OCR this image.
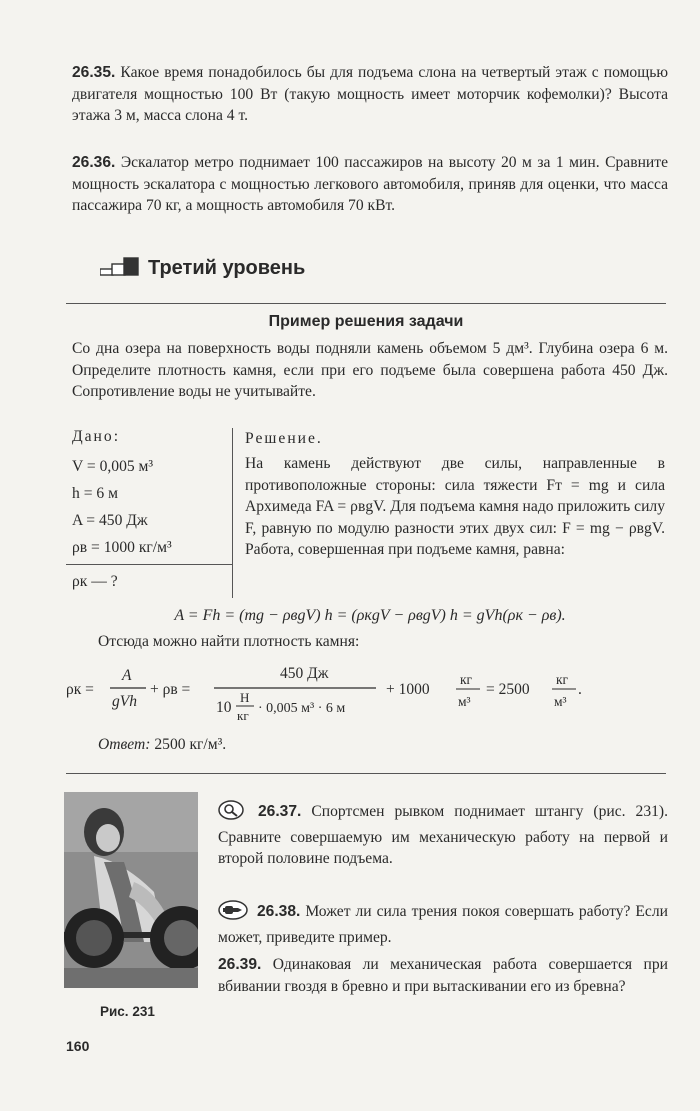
26.35. Какое время понадобилось бы для подъема слона на четвертый этаж с помощью двигателя мощностью 100 Вт (такую мощность имеет моторчик кофемолки)? Высота этажа 3 м, масса слона 4 т.
26.36. Эскалатор метро поднимает 100 пассажиров на высоту 20 м за 1 мин. Сравните мощность эскалатора с мощностью легкового автомобиля, приняв для оценки, что масса пассажира 70 кг, а мощность автомобиля 70 кВт.
Третий уровень
Пример решения задачи
Со дна озера на поверхность воды подняли камень объемом 5 дм³. Глубина озера 6 м. Определите плотность камня, если при его подъеме была совершена работа 450 Дж. Сопротивление воды не учитывайте.
Дано:
V = 0,005 м³
h = 6 м
A = 450 Дж
ρв = 1000 кг/м³
ρк — ?
Решение.
На камень действуют две силы, направленные в противоположные стороны: сила тяжести Fт = mg и сила Архимеда FA = ρвgV. Для подъема камня надо приложить силу F, равную по модулю разности этих двух сил: F = mg − ρвgV. Работа, совершенная при подъеме камня, равна:
A = Fh = (mg − ρвgV) h = (ρкgV − ρвgV) h = gVh(ρк − ρв).
Отсюда можно найти плотность камня:
ρк =
A
gVh
+ ρв =
450 Дж
10
Н
кг · 0,005 м³ · 6 м
+ 1000
кг
м³
= 2500
кг
м³
.
Ответ: 2500 кг/м³.
Рис. 231
26.37. Спортсмен рывком поднимает штангу (рис. 231). Сравните совершаемую им механическую работу на первой и второй половине подъема.
26.38. Может ли сила трения покоя совершать работу? Если может, приведите пример.
26.39. Одинаковая ли механическая работа совершается при вбивании гвоздя в бревно и при вытаскивании его из бревна?
160
